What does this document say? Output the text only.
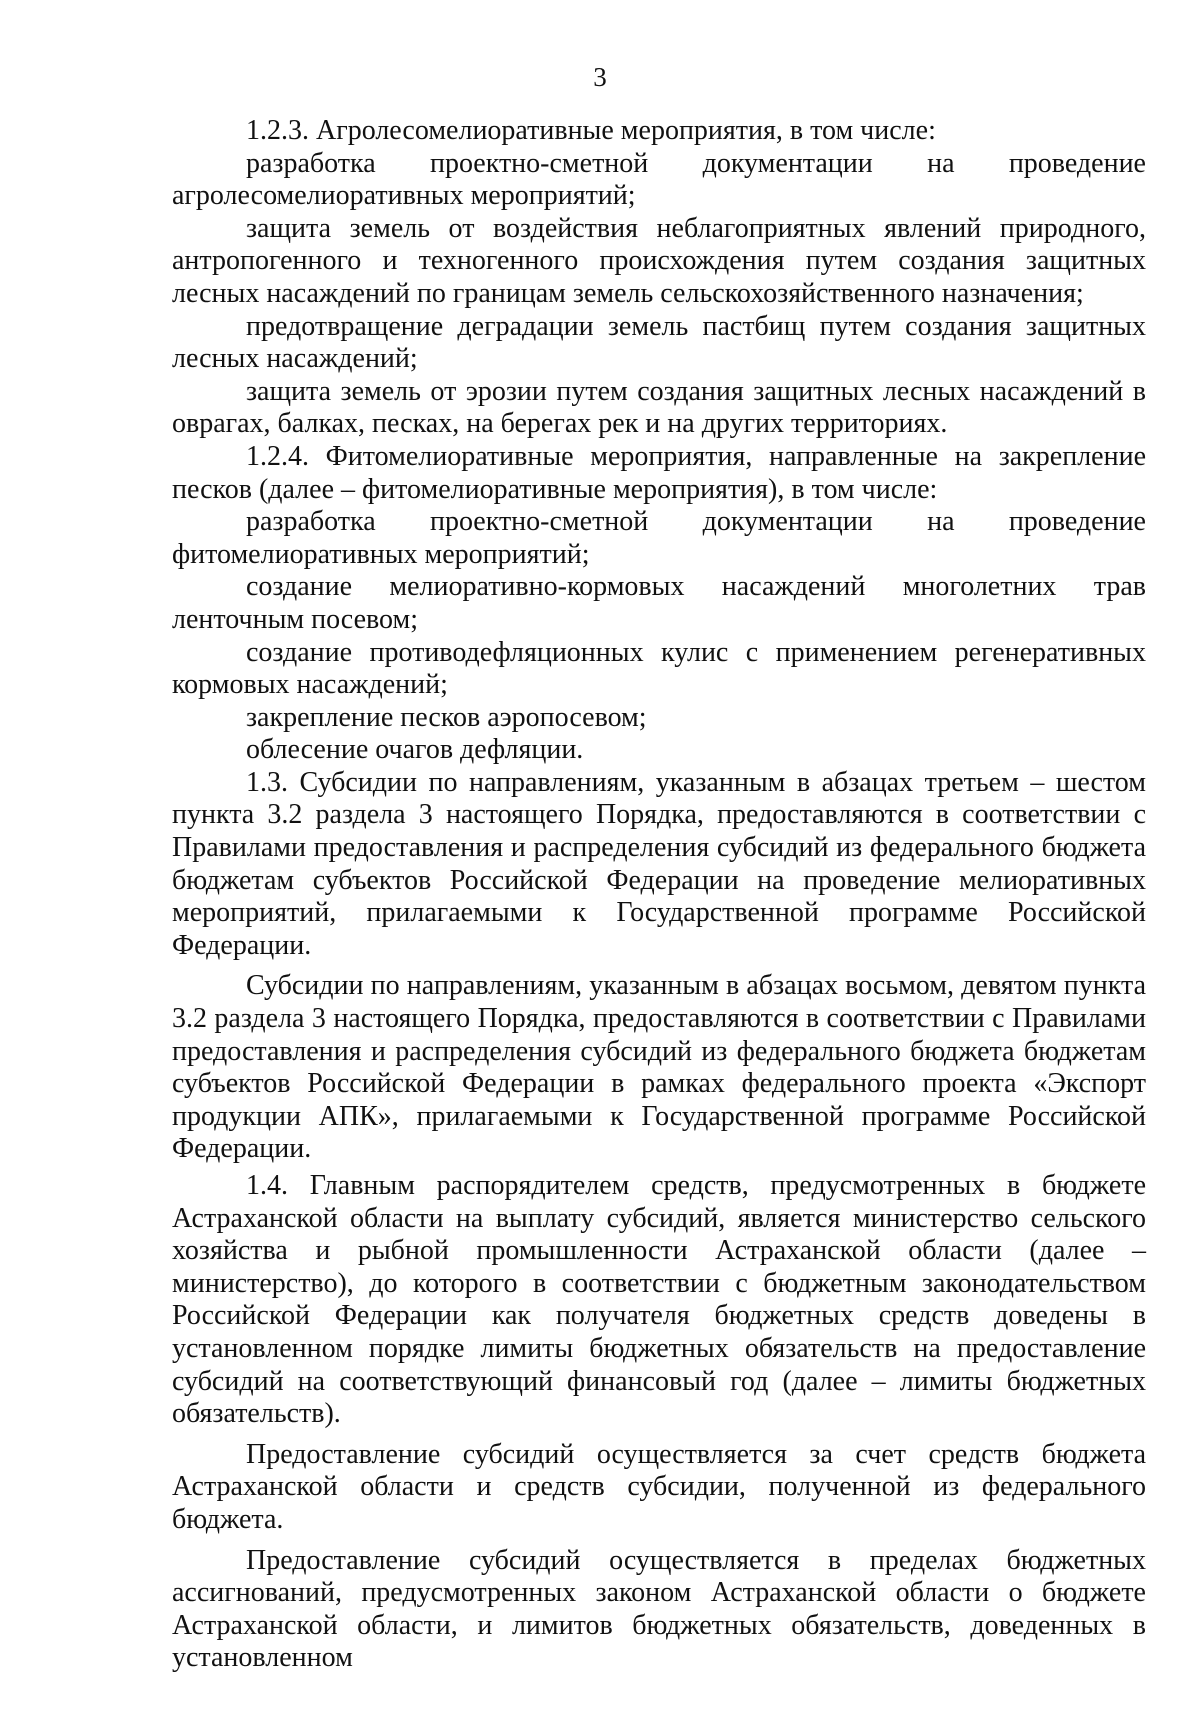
3

1.2.3. Агролесомелиоративные мероприятия, в том числе:

разработка проектно-сметной документации на проведение агролесомелиоративных мероприятий;

защита земель от воздействия неблагоприятных явлений природного, антропогенного и техногенного происхождения путем создания защитных лесных насаждений по границам земель сельскохозяйственного назначения;

предотвращение деградации земель пастбищ путем создания защитных лесных насаждений;

защита земель от эрозии путем создания защитных лесных насаждений в оврагах, балках, песках, на берегах рек и на других территориях.

1.2.4. Фитомелиоративные мероприятия, направленные на закрепление песков (далее – фитомелиоративные мероприятия), в том числе:

разработка проектно-сметной документации на проведение фитомелиоративных мероприятий;

создание мелиоративно-кормовых насаждений многолетних трав ленточным посевом;

создание противодефляционных кулис с применением регенеративных кормовых насаждений;

закрепление песков аэропосевом;

облесение очагов дефляции.

1.3. Субсидии по направлениям, указанным в абзацах третьем – шестом пункта 3.2 раздела 3 настоящего Порядка, предоставляются в соответствии с Правилами предоставления и распределения субсидий из федерального бюджета бюджетам субъектов Российской Федерации на проведение мелиоративных мероприятий, прилагаемыми к Государственной программе Российской Федерации.

Субсидии по направлениям, указанным в абзацах восьмом, девятом пункта 3.2 раздела 3 настоящего Порядка, предоставляются в соответствии с Правилами предоставления и распределения субсидий из федерального бюджета бюджетам субъектов Российской Федерации в рамках федерального проекта «Экспорт продукции АПК», прилагаемыми к Государственной программе Российской Федерации.

1.4. Главным распорядителем средств, предусмотренных в бюджете Астраханской области на выплату субсидий, является министерство сельского хозяйства и рыбной промышленности Астраханской области (далее – министерство), до которого в соответствии с бюджетным законодательством Российской Федерации как получателя бюджетных средств доведены в установленном порядке лимиты бюджетных обязательств на предоставление субсидий на соответствующий финансовый год (далее – лимиты бюджетных обязательств).

Предоставление субсидий осуществляется за счет средств бюджета Астраханской области и средств субсидии, полученной из федерального бюджета.

Предоставление субсидий осуществляется в пределах бюджетных ассигнований, предусмотренных законом Астраханской области о бюджете Астраханской области, и лимитов бюджетных обязательств, доведенных в установленном
